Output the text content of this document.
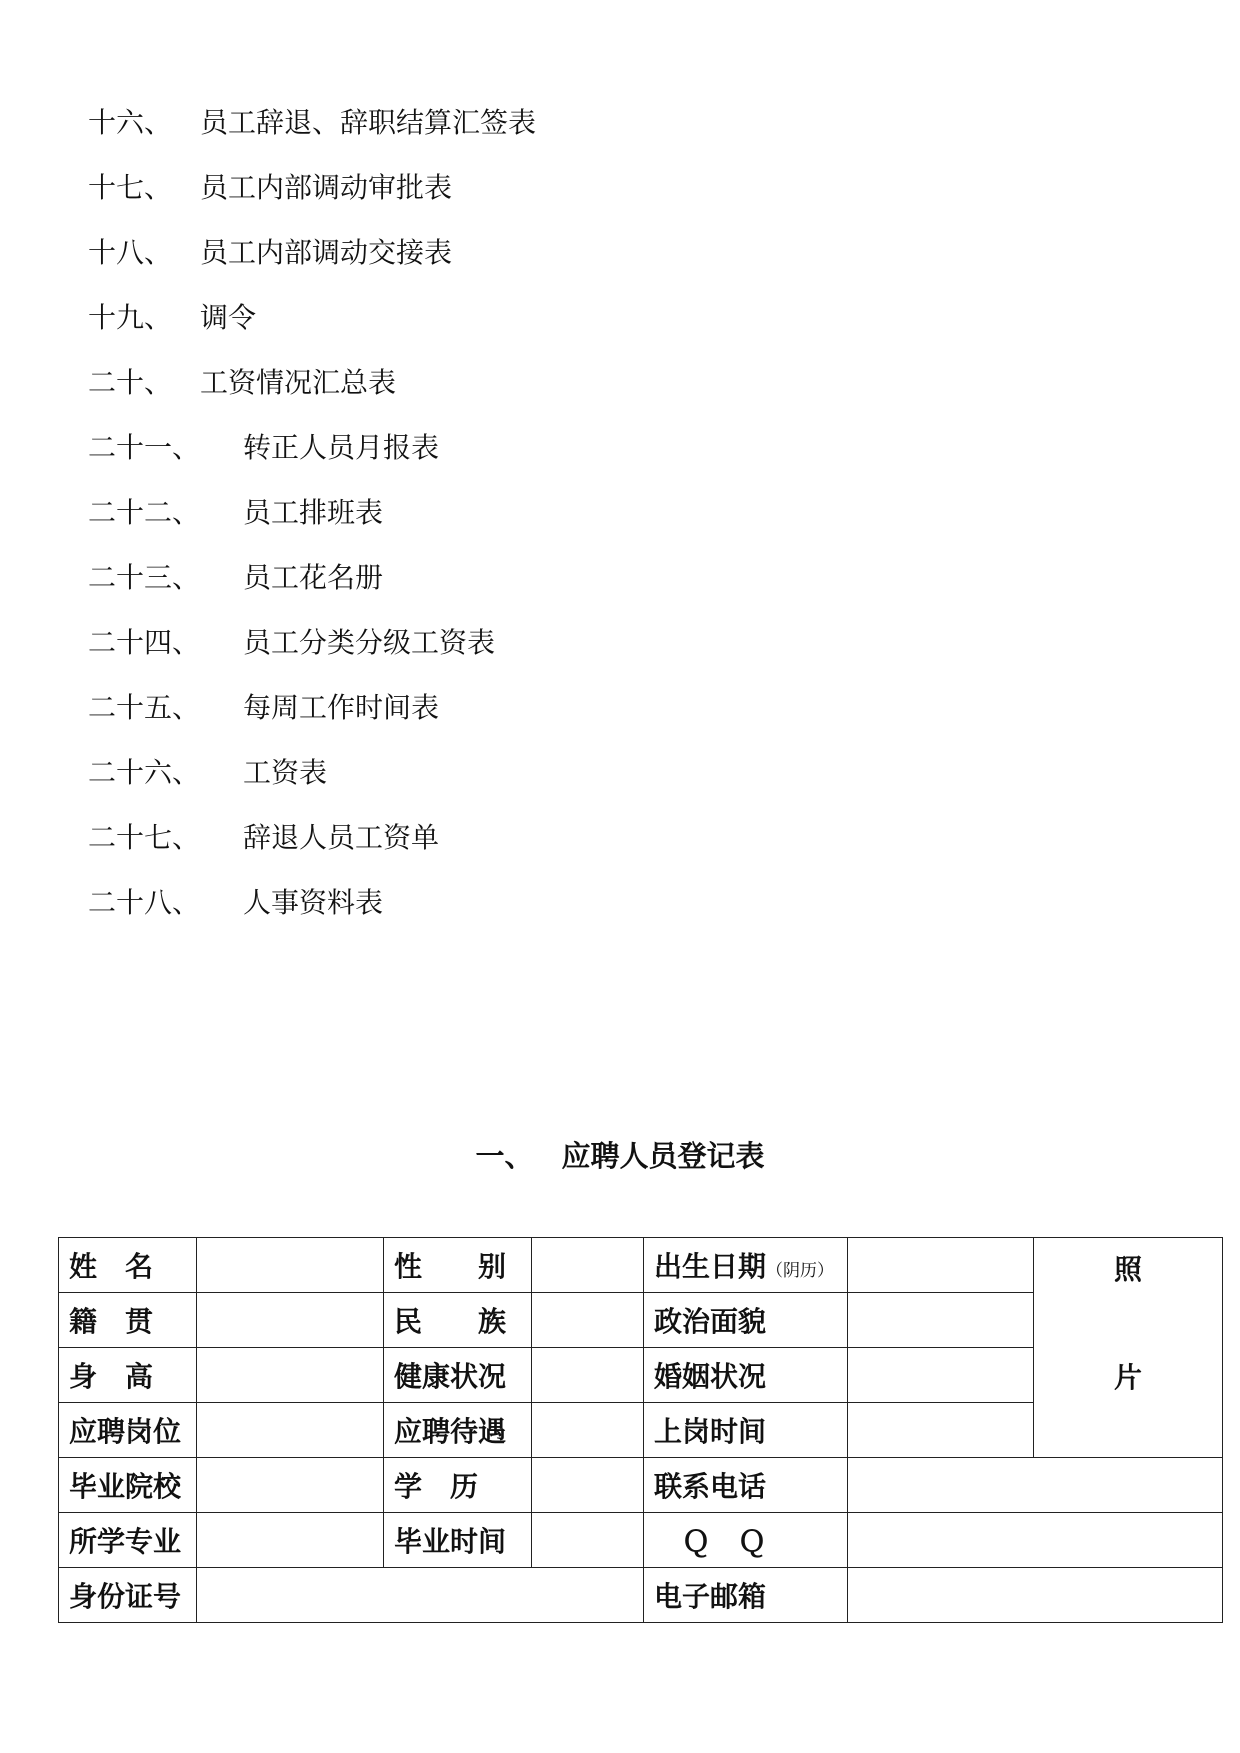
十六、 员工辞退、辞职结算汇签表
十七、 员工内部调动审批表
十八、 员工内部调动交接表
十九、 调令
二十、 工资情况汇总表
二十一、 转正人员月报表
二十二、 员工排班表
二十三、 员工花名册
二十四、 员工分类分级工资表
二十五、 每周工作时间表
二十六、 工资表
二十七、 辞退人员工资单
二十八、 人事资料表
一、 应聘人员登记表
姓　名		性　　别		出生日期（阴历）		照
片

籍　贯		民　　族		政治面貌		
身　高		健康状况		婚姻状况		
应聘岗位		应聘待遇		上岗时间		
毕业院校		学　历		联系电话		
所学专业		毕业时间		Ｑ　Ｑ		
身份证号				电子邮箱		
